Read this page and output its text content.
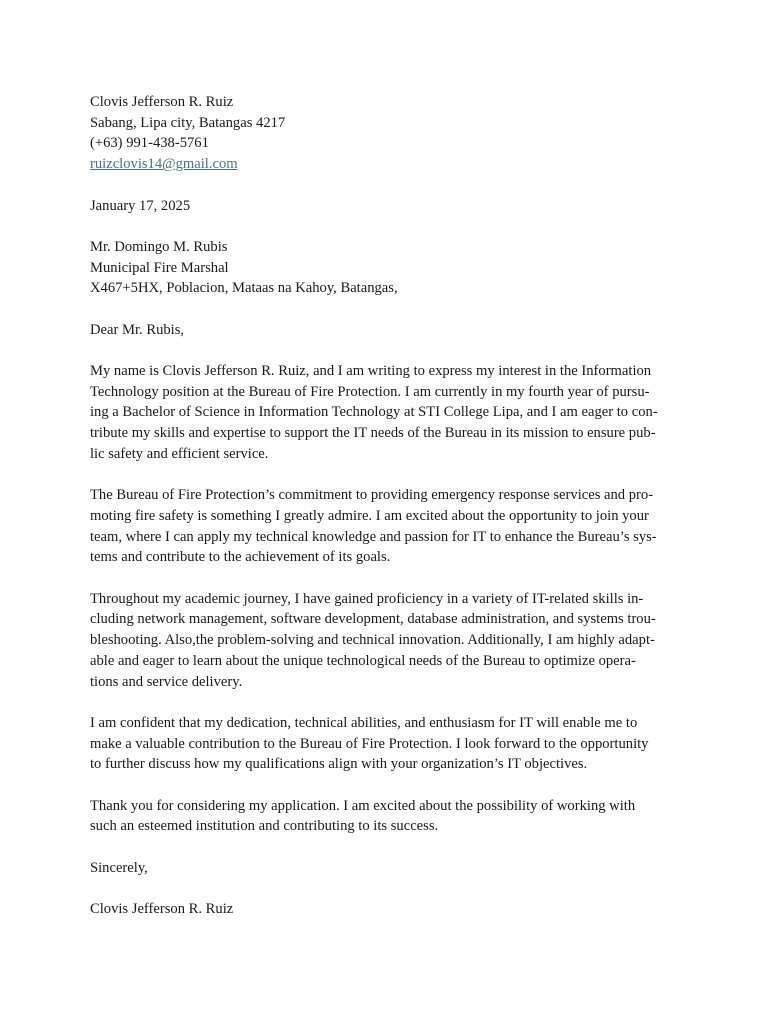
Clovis Jefferson R. Ruiz
Sabang, Lipa city, Batangas 4217
(+63) 991-438-5761
ruizclovis14@gmail.com
January 17, 2025
Mr. Domingo M. Rubis
Municipal Fire Marshal
X467+5HX, Poblacion, Mataas na Kahoy, Batangas,
Dear Mr. Rubis,

My name is Clovis Jefferson R. Ruiz, and I am writing to express my interest in the Information
Technology position at the Bureau of Fire Protection. I am currently in my fourth year of pursu-
ing a Bachelor of Science in Information Technology at STI College Lipa, and I am eager to con-
tribute my skills and expertise to support the IT needs of the Bureau in its mission to ensure pub-
lic safety and efficient service.

The Bureau of Fire Protection’s commitment to providing emergency response services and pro-
moting fire safety is something I greatly admire. I am excited about the opportunity to join your
team, where I can apply my technical knowledge and passion for IT to enhance the Bureau’s sys-
tems and contribute to the achievement of its goals.

Throughout my academic journey, I have gained proficiency in a variety of IT-related skills in-
cluding network management, software development, database administration, and systems trou-
bleshooting. Also,the problem-solving and technical innovation. Additionally, I am highly adapt-
able and eager to learn about the unique technological needs of the Bureau to optimize opera-
tions and service delivery.

I am confident that my dedication, technical abilities, and enthusiasm for IT will enable me to
make a valuable contribution to the Bureau of Fire Protection. I look forward to the opportunity
to further discuss how my qualifications align with your organization’s IT objectives.

Thank you for considering my application. I am excited about the possibility of working with
such an esteemed institution and contributing to its success.

Sincerely,
Clovis Jefferson R. Ruiz
